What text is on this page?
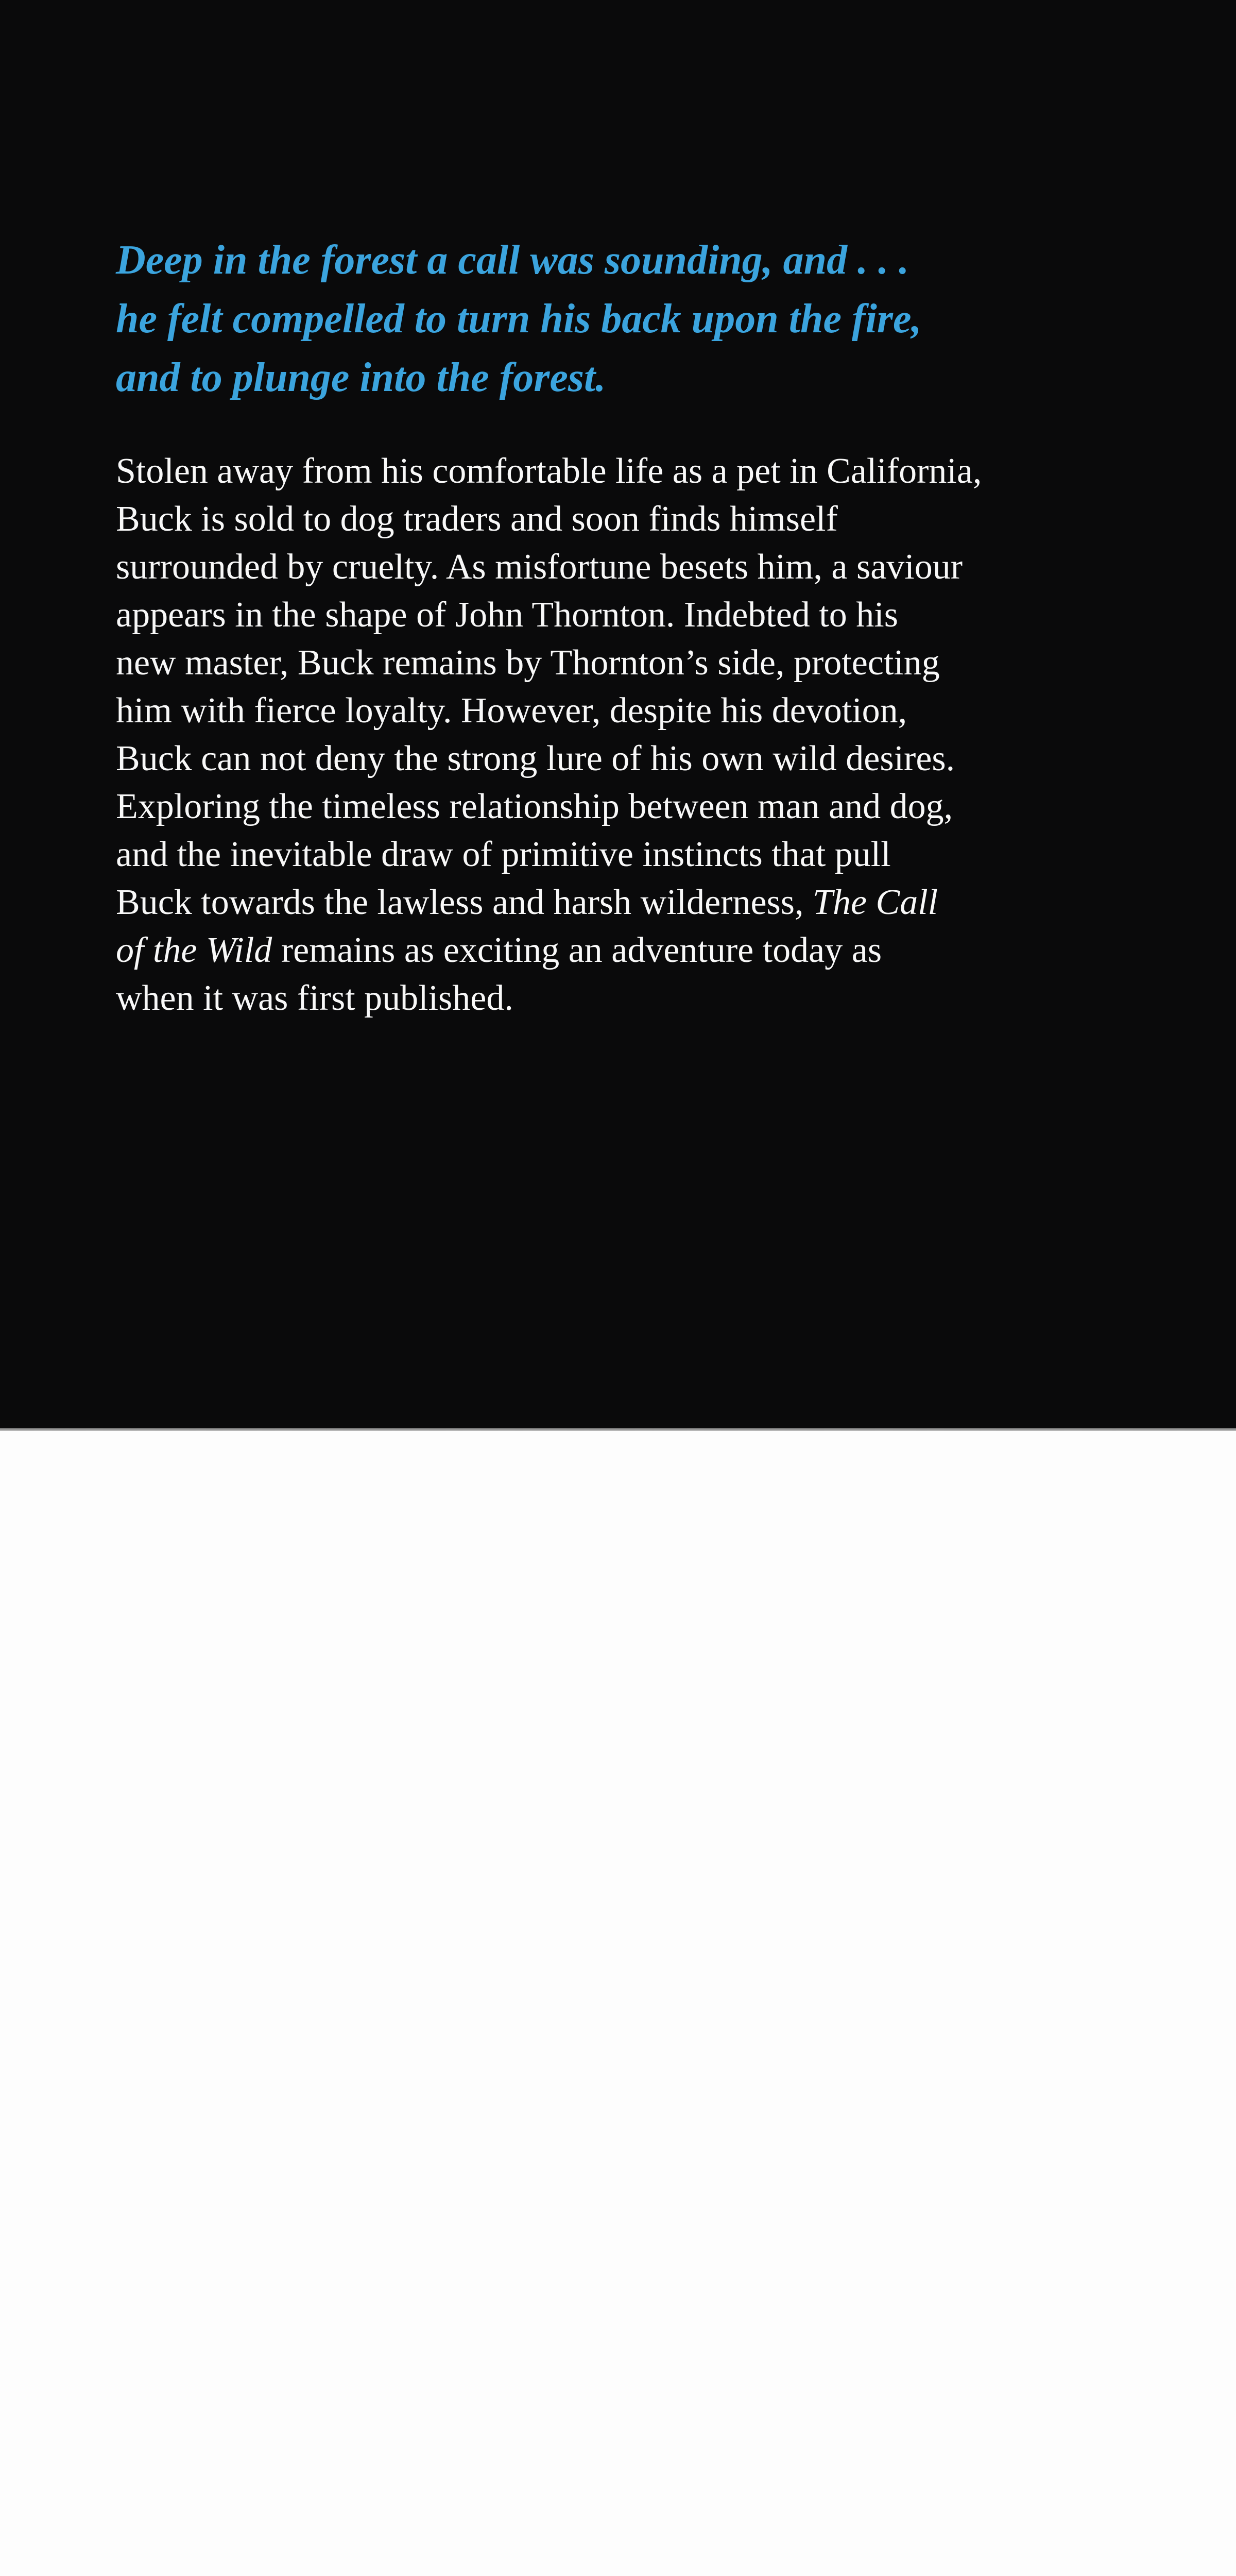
Deep in the forest a call was sounding, and . . .
he felt compelled to turn his back upon the fire,
and to plunge into the forest.
Stolen away from his comfortable life as a pet in California,
Buck is sold to dog traders and soon finds himself
surrounded by cruelty. As misfortune besets him, a saviour
appears in the shape of John Thornton. Indebted to his
new master, Buck remains by Thornton’s side, protecting
him with fierce loyalty. However, despite his devotion,
Buck can not deny the strong lure of his own wild desires.
Exploring the timeless relationship between man and dog,
and the inevitable draw of primitive instincts that pull
Buck towards the lawless and harsh wilderness, The Call
of the Wild remains as exciting an adventure today as
when it was first published.
